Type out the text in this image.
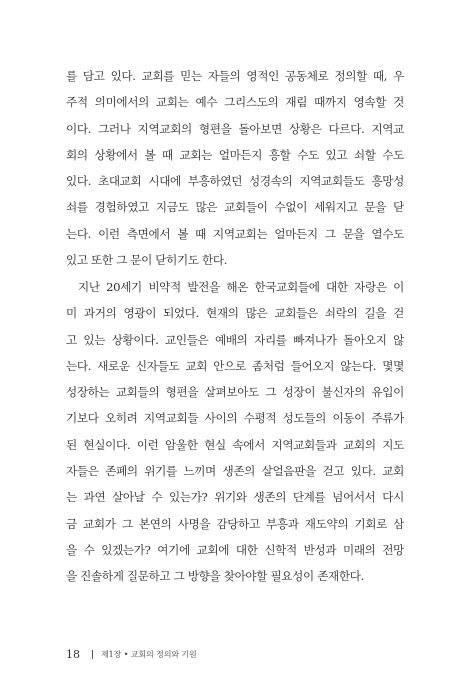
를 담고 있다. 교회를 믿는 자들의 영적인 공동체로 정의할 때, 우
주적 의미에서의 교회는 예수 그리스도의 재림 때까지 영속할 것
이다. 그러나 지역교회의 형편을 돌아보면 상황은 다르다. 지역교
회의 상황에서 볼 때 교회는 얼마든지 흥할 수도 있고 쇠할 수도
있다. 초대교회 시대에 부흥하였던 성경속의 지역교회들도 흥망성
쇠를 경험하였고 지금도 많은 교회들이 수없이 세워지고 문을 닫
는다. 이런 측면에서 볼 때 지역교회는 얼마든지 그 문을 열수도
있고 또한 그 문이 닫히기도 한다.
지난 20세기 비약적 발전을 해온 한국교회들에 대한 자랑은 이
미 과거의 영광이 되었다. 현재의 많은 교회들은 쇠락의 길을 걷
고 있는 상황이다. 교인들은 예배의 자리를 빠져나가 돌아오지 않
는다. 새로운 신자들도 교회 안으로 좀처럼 들어오지 않는다. 몇몇
성장하는 교회들의 형편을 살펴보아도 그 성장이 불신자의 유입이
기보다 오히려 지역교회들 사이의 수평적 성도들의 이동이 주류가
된 현실이다. 이런 암울한 현실 속에서 지역교회들과 교회의 지도
자들은 존폐의 위기를 느끼며 생존의 살얼음판을 걷고 있다. 교회
는 과연 살아날 수 있는가? 위기와 생존의 단계를 넘어서서 다시
금 교회가 그 본연의 사명을 감당하고 부흥과 재도약의 기회로 삼
을 수 있겠는가? 여기에 교회에 대한 신학적 반성과 미래의 전망
을 진솔하게 질문하고 그 방향을 찾아야할 필요성이 존재한다.
18	제1장 • 교회의 정의와 기원
